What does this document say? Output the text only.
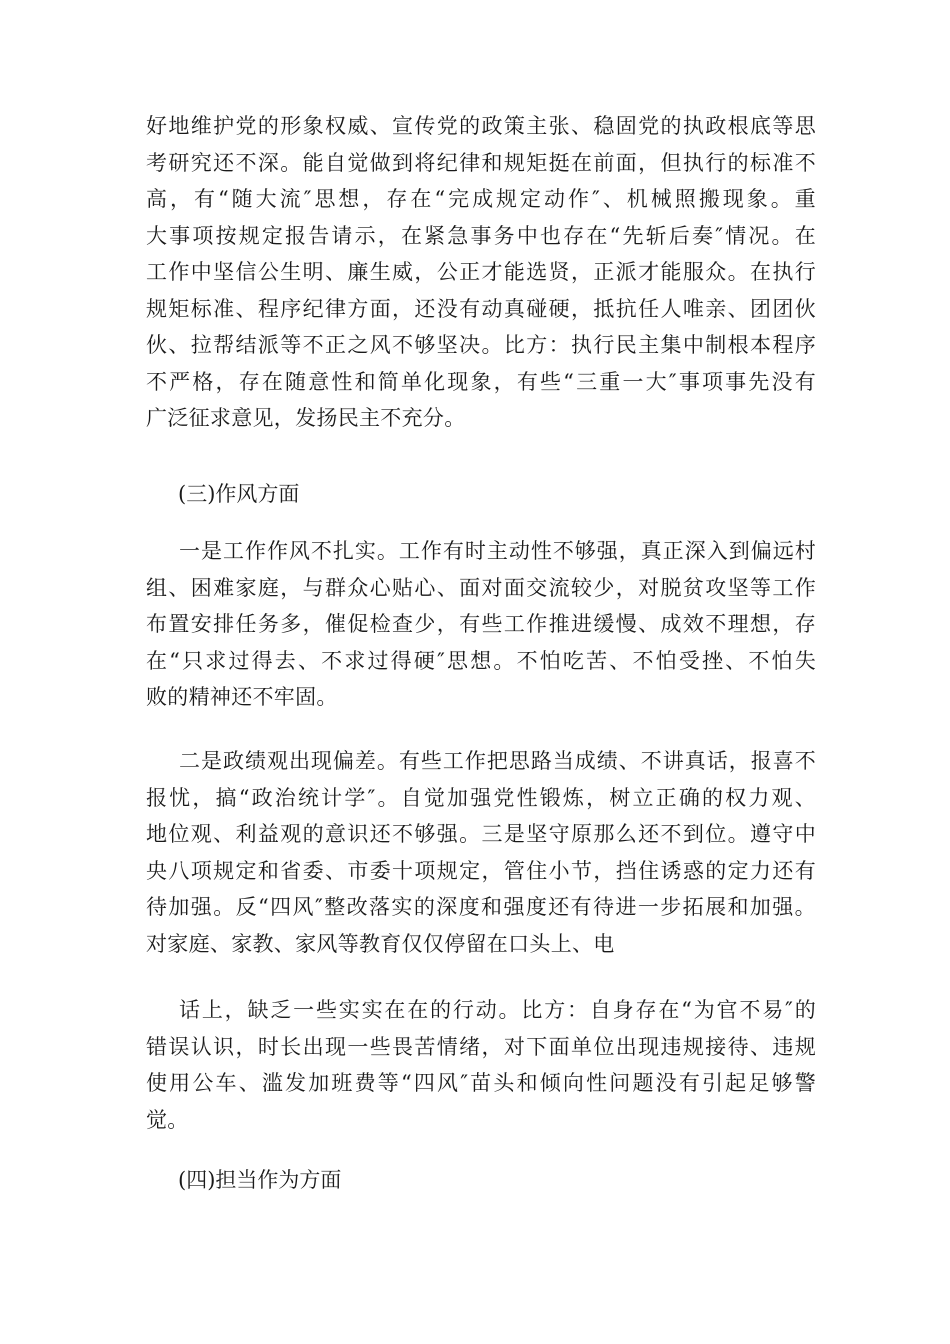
好地维护党的形象权威、宣传党的政策主张、稳固党的执政根底等思
考研究还不深。能自觉做到将纪律和规矩挺在前面，但执行的标准不
高，有“随大流″思想，存在“完成规定动作″、机械照搬现象。重
大事项按规定报告请示，在紧急事务中也存在“先斩后奏″情况。在
工作中坚信公生明、廉生威，公正才能选贤，正派才能服众。在执行
规矩标准、程序纪律方面，还没有动真碰硬，抵抗任人唯亲、团团伙
伙、拉帮结派等不正之风不够坚决。比方：执行民主集中制根本程序
不严格，存在随意性和简单化现象，有些“三重一大″事项事先没有
广泛征求意见，发扬民主不充分。
(三)作风方面
一是工作作风不扎实。工作有时主动性不够强，真正深入到偏远村
组、困难家庭，与群众心贴心、面对面交流较少，对脱贫攻坚等工作
布置安排任务多，催促检查少，有些工作推进缓慢、成效不理想，存
在“只求过得去、不求过得硬″思想。不怕吃苦、不怕受挫、不怕失
败的精神还不牢固。
二是政绩观出现偏差。有些工作把思路当成绩、不讲真话，报喜不
报忧，搞“政治统计学″。自觉加强党性锻炼，树立正确的权力观、
地位观、利益观的意识还不够强。三是坚守原那么还不到位。遵守中
央八项规定和省委、市委十项规定，管住小节，挡住诱惑的定力还有
待加强。反“四风″整改落实的深度和强度还有待进一步拓展和加强。
对家庭、家教、家风等教育仅仅停留在口头上、电
话上，缺乏一些实实在在的行动。比方：自身存在“为官不易″的
错误认识，时长出现一些畏苦情绪，对下面单位出现违规接待、违规
使用公车、滥发加班费等“四风″苗头和倾向性问题没有引起足够警
觉。
(四)担当作为方面
